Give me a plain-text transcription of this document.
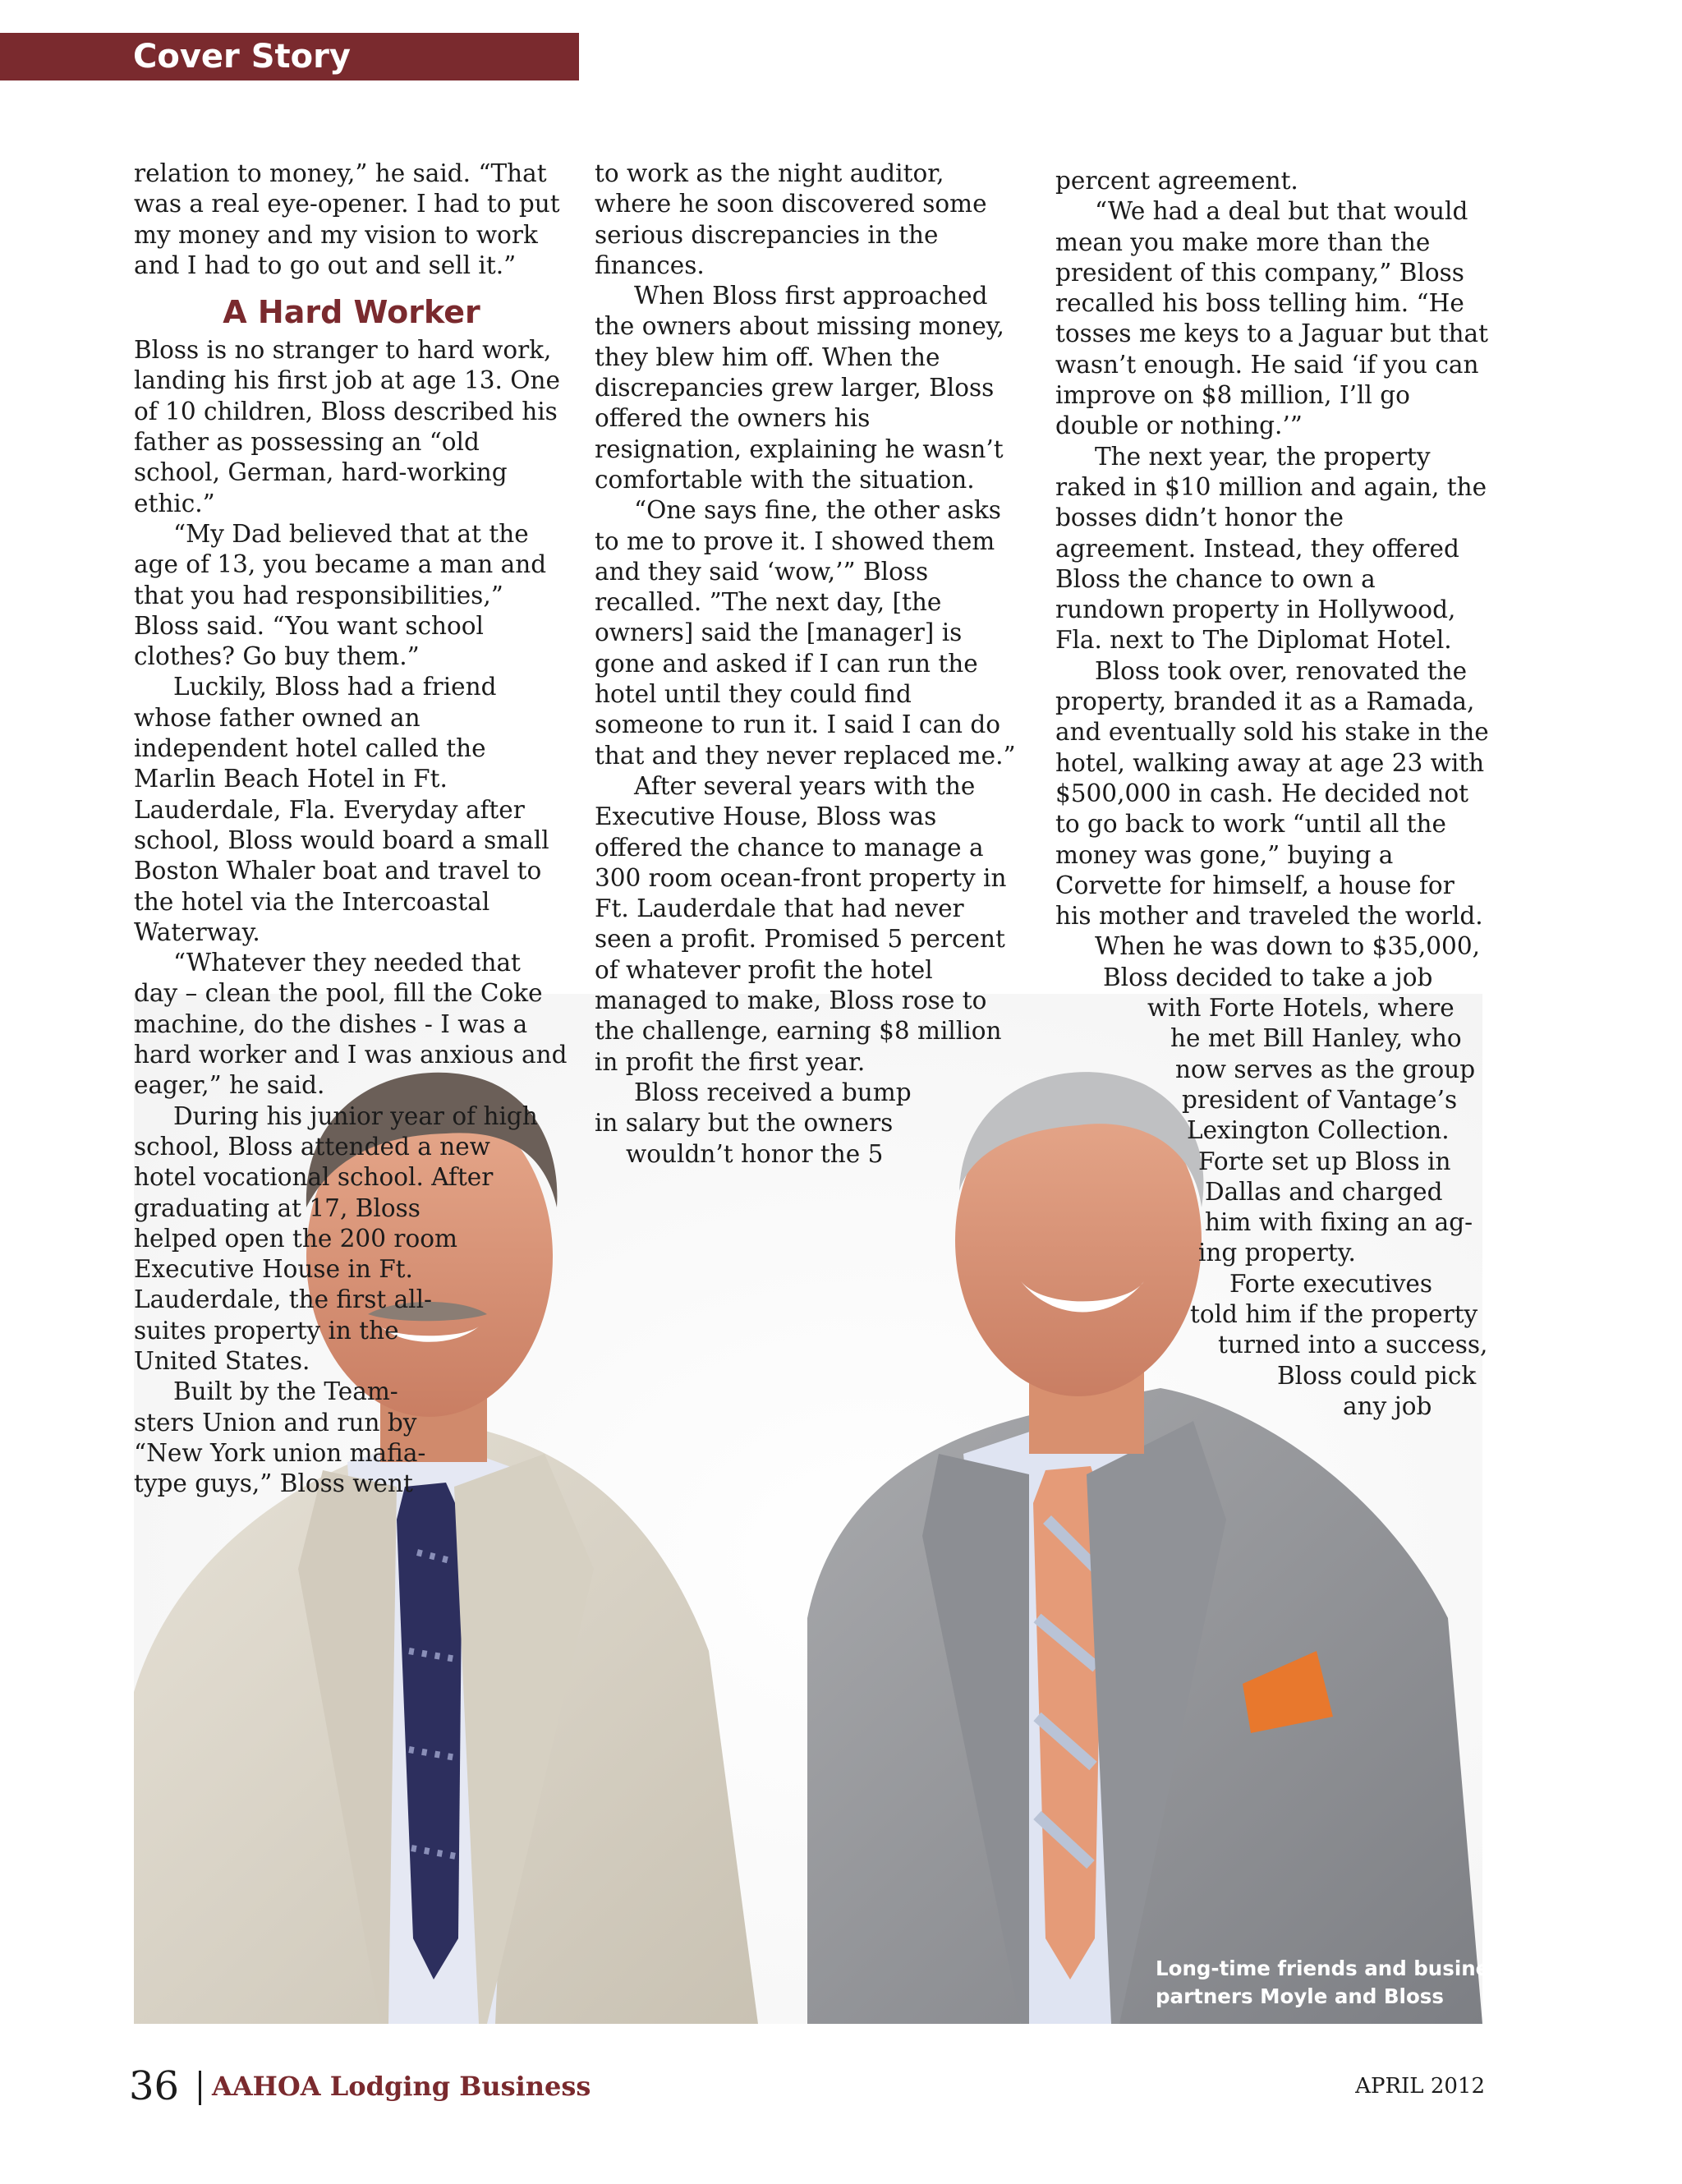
Cover Story
Long-time friends and business
partners Moyle and Bloss
relation to money,” he said. “That
was a real eye-opener. I had to put
my money and my vision to work
and I had to go out and sell it.”
A Hard Worker

Bloss is no stranger to hard work, landing his first job at age 13. One of 10 children, Bloss described his father as possessing an “old school, German, hard-working ethic.”

“My Dad believed that at the age of 13, you became a man and that you had responsibilities,” Bloss said. “You want school clothes? Go buy them.”

Luckily, Bloss had a friend whose father owned an independent hotel called the Marlin Beach Hotel in Ft. Lauderdale, Fla. Everyday after school, Bloss would board a small Boston Whaler boat and travel to the hotel via the Intercoastal Waterway.

“Whatever they needed that day – clean the pool, fill the Coke machine, do the dishes - I was a hard worker and I was anxious and eager,” he said.

During his junior year of high
school, Bloss attended a new
hotel vocational school. After
graduating at 17, Bloss
helped open the 200 room
Executive House in Ft.
Lauderdale, the first all-
suites property in the
United States.
Built by the Team-
sters Union and run by
“New York union mafia-
type guys,” Bloss went

to work as the night auditor, where he soon discovered some serious discrepancies in the finances.

When Bloss first approached the owners about missing money, they blew him off. When the discrepancies grew larger, Bloss offered the owners his resignation, explaining he wasn’t comfortable with the situation.

“One says fine, the other asks to me to prove it. I showed them and they said ‘wow,’” Bloss recalled. ”The next day, [the owners] said the [manager] is gone and asked if I can run the hotel until they could find someone to run it. I said I can do that and they never replaced me.”

After several years with the Executive House, Bloss was offered the chance to manage a 300 room ocean-front property in Ft. Lauderdale that had never seen a profit. Promised 5 percent of whatever profit the hotel managed to make, Bloss rose to the challenge, earning $8 million in profit the first year.

Bloss received a bump
in salary but the owners
wouldn’t honor the 5

percent agreement.

“We had a deal but that would mean you make more than the president of this company,” Bloss recalled his boss telling him. “He tosses me keys to a Jaguar but that wasn’t enough. He said ‘if you can improve on $8 million, I’ll go double or nothing.’”

The next year, the property raked in $10 million and again, the bosses didn’t honor the agreement. Instead, they offered Bloss the chance to own a rundown property in Hollywood, Fla. next to The Diplomat Hotel.

Bloss took over, renovated the property, branded it as a Ramada, and eventually sold his stake in the hotel, walking away at age 23 with $500,000 in cash. He decided not to go back to work “until all the money was gone,” buying a Corvette for himself, a house for his mother and traveled the world.

When he was down to $35,000,
Bloss decided to take a job
with Forte Hotels, where
he met Bill Hanley, who
now serves as the group
president of Vantage’s
Lexington Collection.
Forte set up Bloss in
Dallas and charged
him with fixing an ag-
ing property.
Forte executives
told him if the property
turned into a success,
Bloss could pick
any job
36 AAHOA Lodging Business	APRIL 2012
